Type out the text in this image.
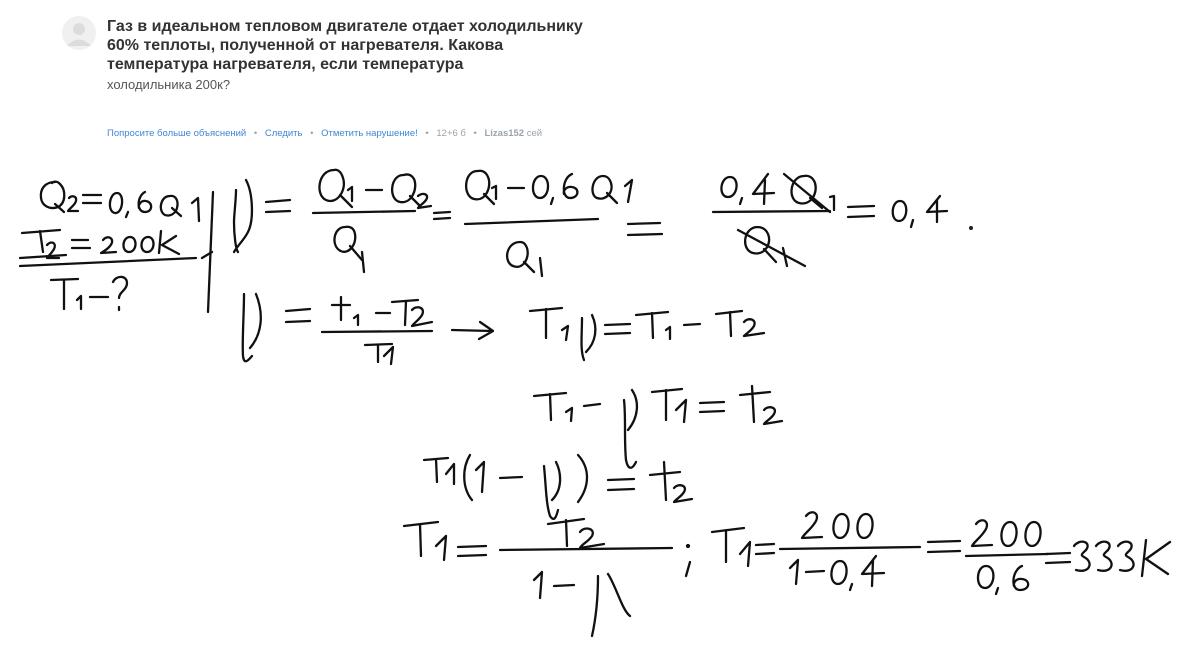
Газ в идеальном тепловом двигателе отдает холодильнику 60% теплоты, полученной от нагревателя. Какова температура нагревателя, если температура
холодильника 200к?
Попросите больше объяснений • Следить • Отметить нарушение! • 12+6 б • Lizas152 сей
